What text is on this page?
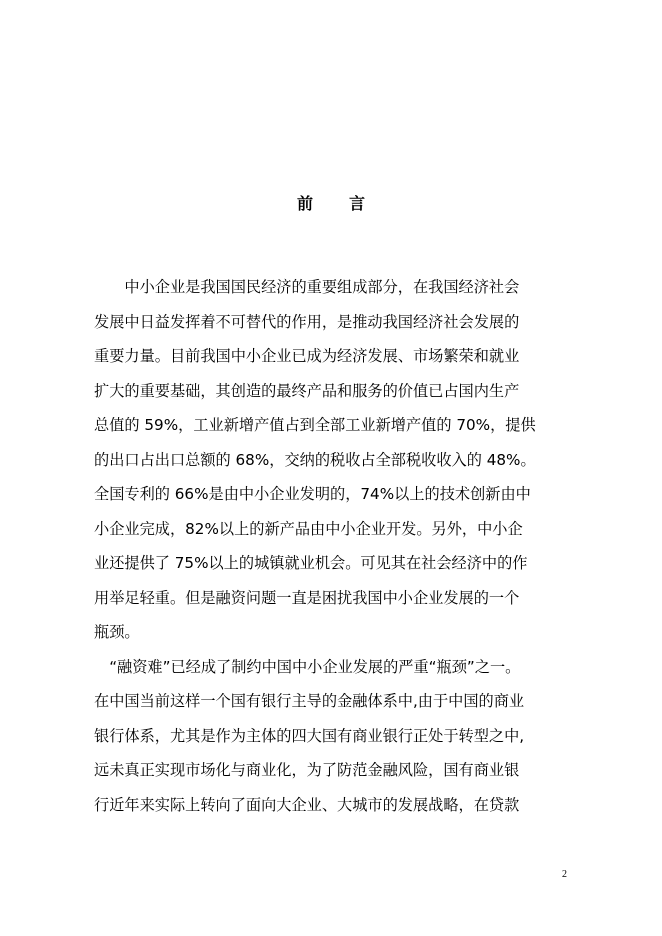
前 言
　　中小企业是我国国民经济的重要组成部分，在我国经济社会
发展中日益发挥着不可替代的作用，是推动我国经济社会发展的
重要力量。目前我国中小企业已成为经济发展、市场繁荣和就业
扩大的重要基础，其创造的最终产品和服务的价值已占国内生产
总值的 59%，工业新增产值占到全部工业新增产值的 70%，提供
的出口占出口总额的 68%，交纳的税收占全部税收收入的 48%。
全国专利的 66%是由中小企业发明的，74%以上的技术创新由中
小企业完成，82%以上的新产品由中小企业开发。另外，中小企
业还提供了 75%以上的城镇就业机会。可见其在社会经济中的作
用举足轻重。但是融资问题一直是困扰我国中小企业发展的一个
瓶颈。
　“融资难”已经成了制约中国中小企业发展的严重“瓶颈”之一。
在中国当前这样一个国有银行主导的金融体系中,由于中国的商业
银行体系，尤其是作为主体的四大国有商业银行正处于转型之中,
远未真正实现市场化与商业化，为了防范金融风险，国有商业银
行近年来实际上转向了面向大企业、大城市的发展战略，在贷款
2
